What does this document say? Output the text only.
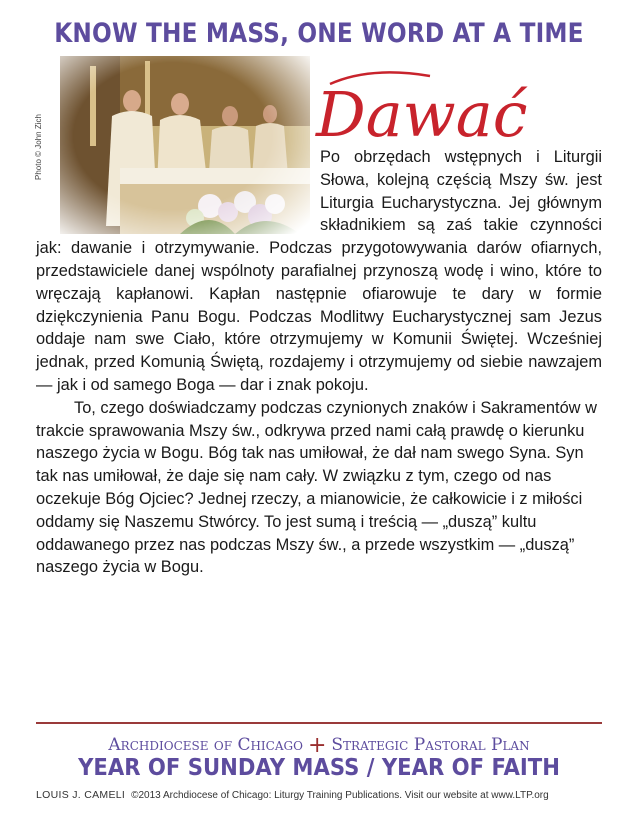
KNOW THE MASS, ONE WORD AT A TIME
Photo © John Zich	Dawać

Po obrzędach wstępnych i Liturgii Słowa, kolejną częścią Mszy św. jest Liturgia Eucharystyczna. Jej głównym składnikiem są zaś takie czynności jak: dawanie i otrzymywanie. Podczas przygotowywania darów ofiarnych, przedstawiciele danej wspólnoty parafialnej przynoszą wodę i wino, które to wręczają kapłanowi. Kapłan następnie ofiarowuje te dary w formie dziękczynienia Panu Bogu. Podczas Modlitwy Eucharystycznej sam Jezus oddaje nam swe Ciało, które otrzymujemy w Komunii Świętej. Wcześniej jednak, przed Komunią Świętą, rozdajemy i otrzymujemy od siebie nawzajem — jak i od samego Boga — dar i znak pokoju.

To, czego doświadczamy podczas czynionych znaków i Sakramentów w trakcie sprawowania Mszy św., odkrywa przed nami całą prawdę o kierunku naszego życia w Bogu. Bóg tak nas umiłował, że dał nam swego Syna. Syn tak nas umiłował, że daje się nam cały. W związku z tym, czego od nas oczekuje Bóg Ojciec? Jednej rzeczy, a mianowicie, że całkowicie i z miłości oddamy się Naszemu Stwórcy. To jest sumą i treścią — „duszą” kultu oddawanego przez nas podczas Mszy św., a przede wszystkim — „duszą” naszego życia w Bogu.

Archdiocese of Chicago + Strategic Pastoral Plan
YEAR OF SUNDAY MASS / YEAR OF FAITH
LOUIS J. CAMELI ©2013 Archdiocese of Chicago: Liturgy Training Publications. Visit our website at www.LTP.org
